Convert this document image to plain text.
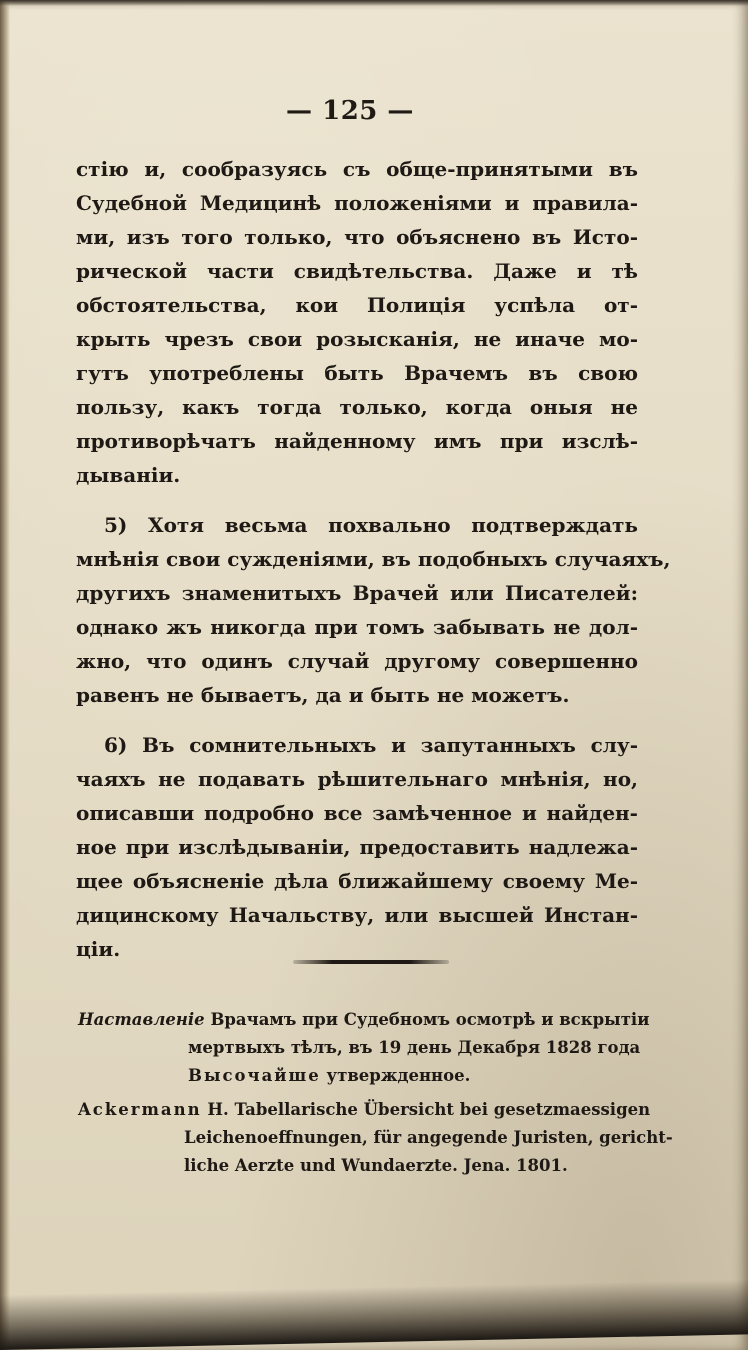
— 125 —
стію и, сообразуясь съ обще-принятыми въ
Судебной Медицинѣ положеніями и правила-
ми, изъ того только, что объяснено въ Исто-
рической части свидѣтельства. Даже и тѣ
обстоятельства, кои Полиція успѣла от-
крыть чрезъ свои розысканія, не иначе мо-
гутъ употреблены быть Врачемъ въ свою
пользу, какъ тогда только, когда оныя не
противорѣчатъ найденному имъ при изслѣ-
дываніи.
5) Хотя весьма похвально подтверждать
мнѣнія свои сужденіями, въ подобныхъ случаяхъ,
другихъ знаменитыхъ Врачей или Писателей:
однако жъ никогда при томъ забывать не дол-
жно, что одинъ случай другому совершенно
равенъ не бываетъ, да и быть не можетъ.
6) Въ сомнительныхъ и запутанныхъ слу-
чаяхъ не подавать рѣшительнаго мнѣнія, но,
описавши подробно все замѣченное и найден-
ное при изслѣдываніи, предоставить надлежа-
щее объясненіе дѣла ближайшему своему Ме-
дицинскому Начальству, или высшей Инстан-
ціи.
Наставленіе Врачамъ при Судебномъ осмотрѣ и вскрытіи
мертвыхъ тѣлъ, въ 19 день Декабря 1828 года
Высочайше утвержденное.
Ackermann H. Tabellarische Übersicht bei gesetzmaessigen
Leichenoeffnungen, für angegende Juristen, gericht-
liche Aerzte und Wundaerzte. Jena. 1801.
